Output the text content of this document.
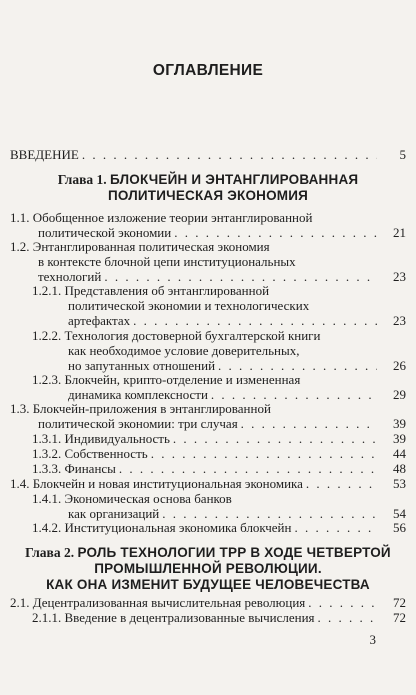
ОГЛАВЛЕНИЕ
ВВЕДЕНИЕ . . .	5
Глава 1. БЛОКЧЕЙН И ЭНТАНГЛИРОВАННАЯ
ПОЛИТИЧЕСКАЯ ЭКОНОМИЯ
1.1. Обобщенное изложение теории энтанглированной
политической экономии . . .	21
1.2. Энтанглированная политическая экономия
в контексте блочной цепи институциональных
технологий . . .	23
1.2.1. Представления об энтанглированной
политической экономии и технологических
артефактах . . .	23
1.2.2. Технология достоверной бухгалтерской книги
как необходимое условие доверительных,
но запутанных отношений . . .	26
1.2.3. Блокчейн, крипто-отделение и измененная
динамика комплексности . . .	29
1.3. Блокчейн-приложения в энтанглированной
политической экономии: три случая . . .	39
1.3.1. Индивидуальность . . .	39
1.3.2. Собственность . . .	44
1.3.3. Финансы . . .	48
1.4. Блокчейн и новая институциональная экономика . . .	53
1.4.1. Экономическая основа банков
как организаций . . .	54
1.4.2. Институциональная экономика блокчейн . . .	56
Глава 2. РОЛЬ ТЕХНОЛОГИИ ТРР В ХОДЕ ЧЕТВЕРТОЙ
ПРОМЫШЛЕННОЙ РЕВОЛЮЦИИ.
КАК ОНА ИЗМЕНИТ БУДУЩЕЕ ЧЕЛОВЕЧЕСТВА
2.1. Децентрализованная вычислительная революция . . .	72
2.1.1. Введение в децентрализованные вычисления . . .	72
3
